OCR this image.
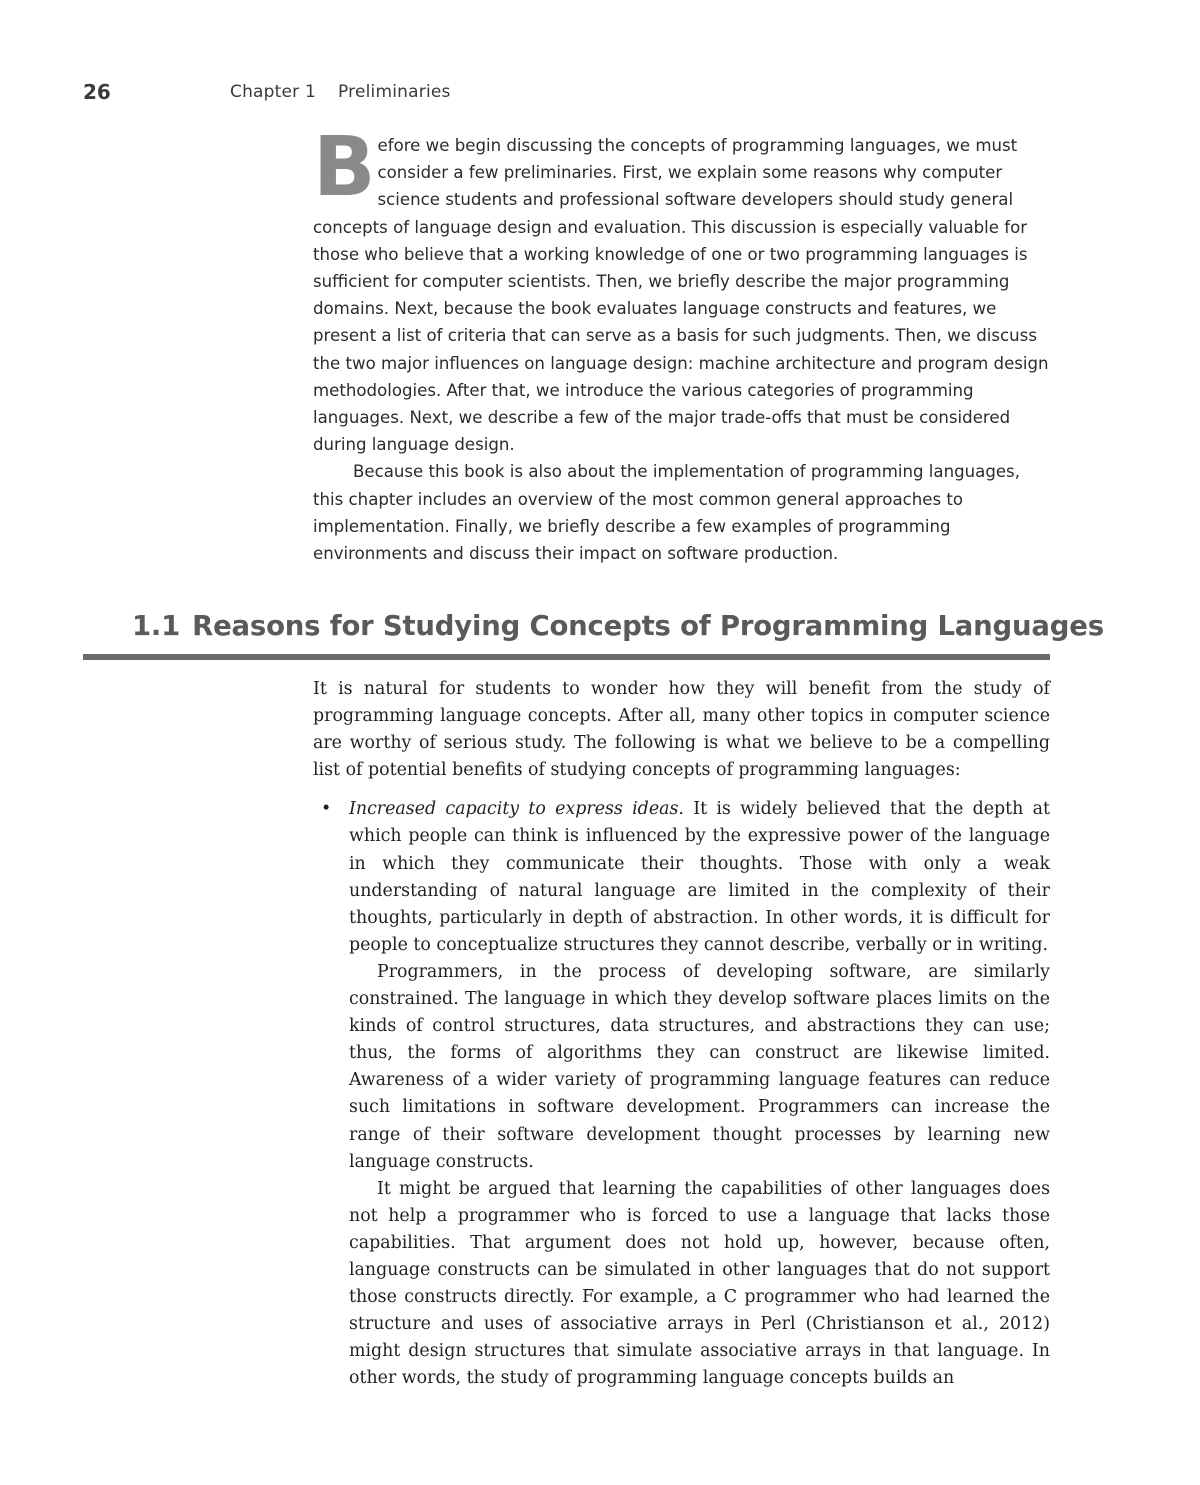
26	Chapter 1 Preliminaries

Before we begin discussing the concepts of programming languages, we must consider a few preliminaries. First, we explain some reasons why computer science students and professional software developers should study general concepts of language design and evaluation. This discussion is especially valuable for those who believe that a working knowledge of one or two programming languages is sufficient for computer scientists. Then, we briefly describe the major programming domains. Next, because the book evaluates language constructs and features, we present a list of criteria that can serve as a basis for such judgments. Then, we discuss the two major influences on language design: machine architecture and program design methodologies. After that, we introduce the various categories of programming languages. Next, we describe a few of the major trade-offs that must be considered during language design.

Because this book is also about the implementation of programming languages, this chapter includes an overview of the most common general approaches to implementation. Finally, we briefly describe a few examples of programming environments and discuss their impact on software production.

1.1 Reasons for Studying Concepts of Programming Languages

It is natural for students to wonder how they will benefit from the study of programming language concepts. After all, many other topics in computer science are worthy of serious study. The following is what we believe to be a compelling list of potential benefits of studying concepts of programming languages:

• Increased capacity to express ideas. It is widely believed that the depth at which people can think is influenced by the expressive power of the language in which they communicate their thoughts. Those with only a weak understanding of natural language are limited in the complexity of their thoughts, particularly in depth of abstraction. In other words, it is difficult for people to conceptualize structures they cannot describe, verbally or in writing.

Programmers, in the process of developing software, are similarly constrained. The language in which they develop software places limits on the kinds of control structures, data structures, and abstractions they can use; thus, the forms of algorithms they can construct are likewise limited. Awareness of a wider variety of programming language features can reduce such limitations in software development. Programmers can increase the range of their software development thought processes by learning new language constructs.

It might be argued that learning the capabilities of other languages does not help a programmer who is forced to use a language that lacks those capabilities. That argument does not hold up, however, because often, language constructs can be simulated in other languages that do not support those constructs directly. For example, a C programmer who had learned the structure and uses of associative arrays in Perl (Christianson et al., 2012) might design structures that simulate associative arrays in that language. In other words, the study of programming language concepts builds an
